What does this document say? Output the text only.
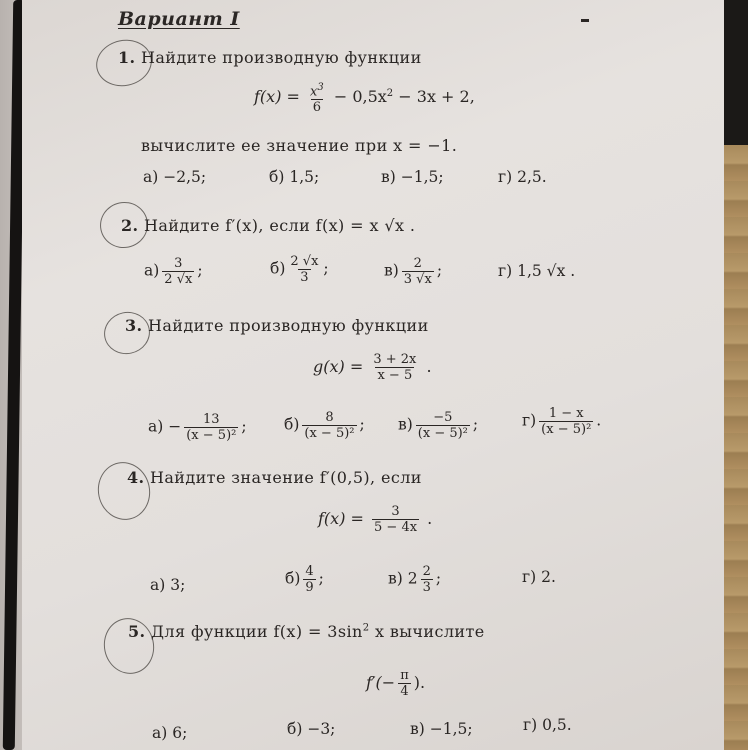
Вариант I
1. Найдите производную функции
$f(x) = \frac{x^3}{6} - 0,5x^2 - 3x + 2$,
вычислите ее значение при x = −1.
а) −2,5;	б) 1,5;	в) −1,5;	г) 2,5.
2. Найдите f′(x), если f(x) = x √x .
$а) \frac{3}{2 √x}$ ;	$б) \frac{2 √x}{3}$ ;	$в) \frac{2}{3 √x}$ ;	г) 1,5 √x .
3. Найдите производную функции
$g(x) = \frac{3 + 2x}{x - 5}$ .
$а) - \frac{13}{\text{(x − 5)²}}$ ; $б) \frac{8}{\text{(x − 5)²}}$ ; $в) \frac{-5}{\text{(x − 5)²}}$ ;	$г) \frac{1 - x}{\text{(x − 5)²}}$ .
4. Найдите значение f′(0,5), если
$f(x) = \frac{3}{5 - 4x}$ .
а) 3;	$б) \frac{4}{9}$ ;	в) $2 \frac{2}{3}$ ;	г) 2.
5. Для функции $f(x) = 3\sin^2$ x вычислите
$f'(- \frac{\pi}{4}$ ).
а) 6;	б) −3;	в) −1,5;	г) 0,5.
